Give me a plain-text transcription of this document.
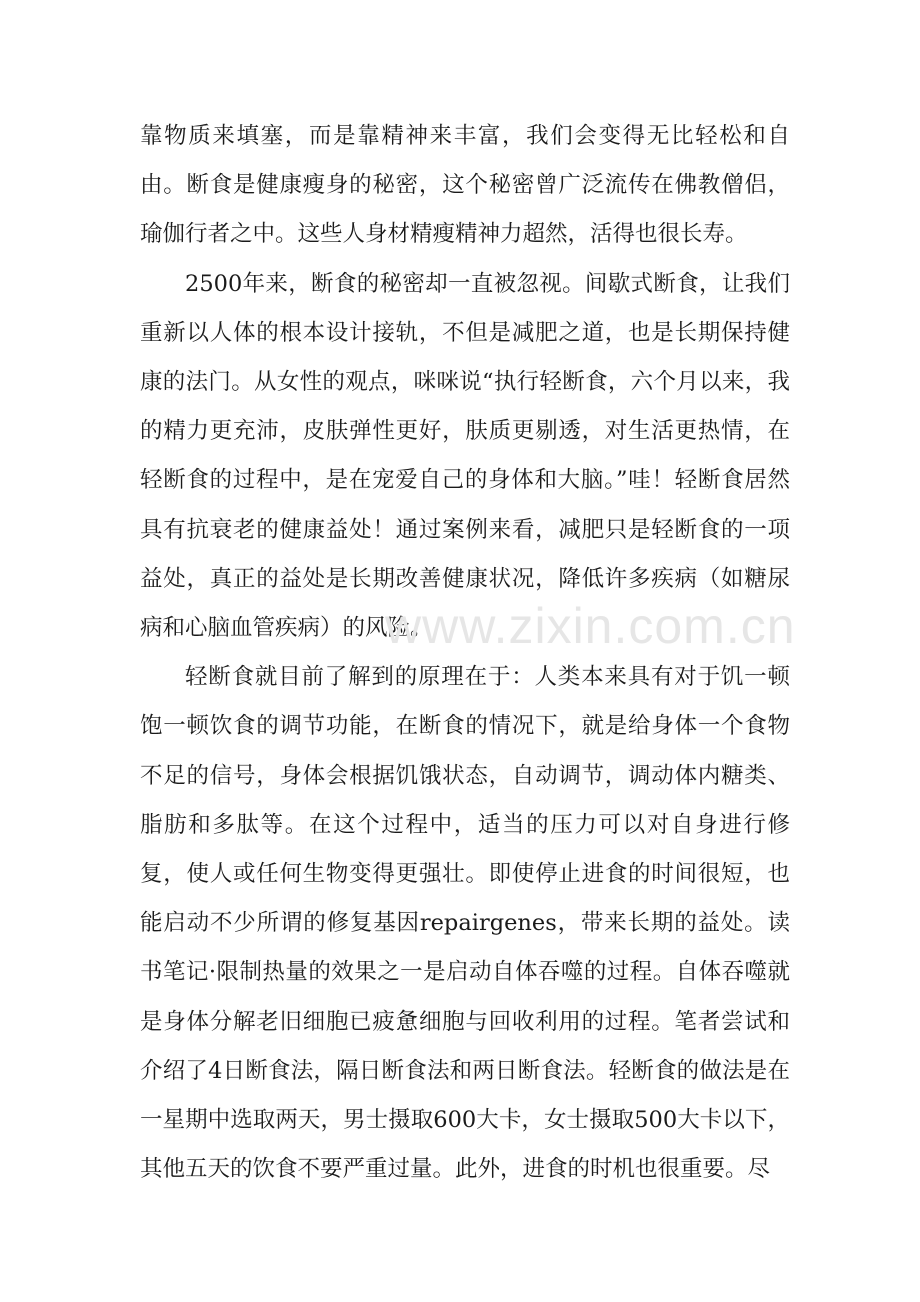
靠物质来填塞，而是靠精神来丰富，我们会变得无比轻松和自由。断食是健康瘦身的秘密，这个秘密曾广泛流传在佛教僧侣，瑜伽行者之中。这些人身材精瘦精神力超然，活得也很长寿。

2500年来，断食的秘密却一直被忽视。间歇式断食，让我们重新以人体的根本设计接轨，不但是减肥之道，也是长期保持健康的法门。从女性的观点，咪咪说“执行轻断食，六个月以来，我的精力更充沛，皮肤弹性更好，肤质更剔透，对生活更热情，在轻断食的过程中，是在宠爱自己的身体和大脑。”哇！轻断食居然具有抗衰老的健康益处！通过案例来看，减肥只是轻断食的一项益处，真正的益处是长期改善健康状况，降低许多疾病（如糖尿病和心脑血管疾病）的风险。

轻断食就目前了解到的原理在于：人类本来具有对于饥一顿饱一顿饮食的调节功能，在断食的情况下，就是给身体一个食物不足的信号，身体会根据饥饿状态，自动调节，调动体内糖类、脂肪和多肽等。在这个过程中，适当的压力可以对自身进行修复，使人或任何生物变得更强壮。即使停止进食的时间很短，也能启动不少所谓的修复基因repairgenes，带来长期的益处。读书笔记·限制热量的效果之一是启动自体吞噬的过程。自体吞噬就是身体分解老旧细胞已疲惫细胞与回收利用的过程。笔者尝试和介绍了4日断食法，隔日断食法和两日断食法。轻断食的做法是在一星期中选取两天，男士摄取600大卡，女士摄取500大卡以下，其他五天的饮食不要严重过量。此外，进食的时机也很重要。尽

www.zixin.com.cn
